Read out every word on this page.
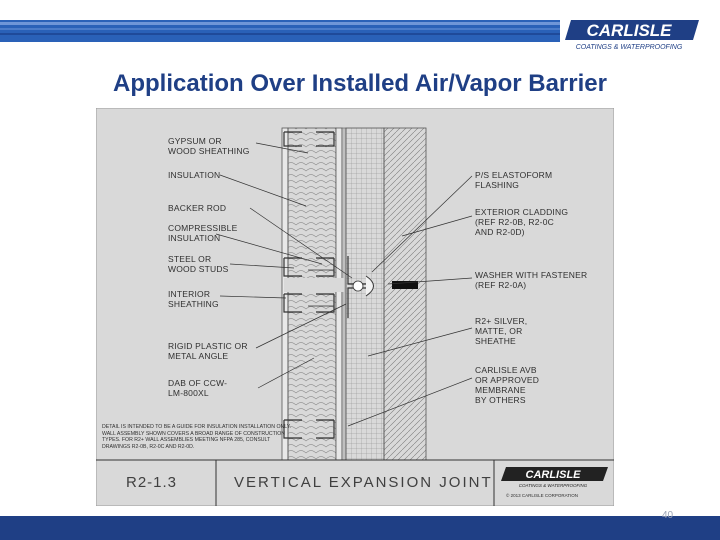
CARLISLE
COATINGS & WATERPROOFING
Application Over Installed Air/Vapor Barrier
GYPSUM OR
WOOD SHEATHING
INSULATION
BACKER ROD
COMPRESSIBLE
INSULATION
STEEL OR
WOOD STUDS
INTERIOR
SHEATHING
RIGID PLASTIC OR
METAL ANGLE
DAB OF CCW-
LM-800XL
P/S ELASTOFORM
FLASHING
EXTERIOR CLADDING
(REF R2-0B, R2-0C
AND R2-0D)
WASHER WITH FASTENER
(REF R2-0A)
R2+ SILVER,
MATTE, OR
SHEATHE
CARLISLE AVB
OR APPROVED
MEMBRANE
BY OTHERS
DETAIL IS INTENDED TO BE A GUIDE FOR INSULATION INSTALLATION ONLY. WALL ASSEMBLY SHOWN COVERS A BROAD RANGE OF CONSTRUCTION TYPES. FOR R2+ WALL ASSEMBLIES MEETING NFPA 285, CONSULT DRAWINGS R2-0B, R2-0C AND R2-0D.
R2-1.3	VERTICAL EXPANSION JOINT	CARLISLE
COATINGS & WATERPROOFING
© 2013 CARLISLE CORPORATION
40
